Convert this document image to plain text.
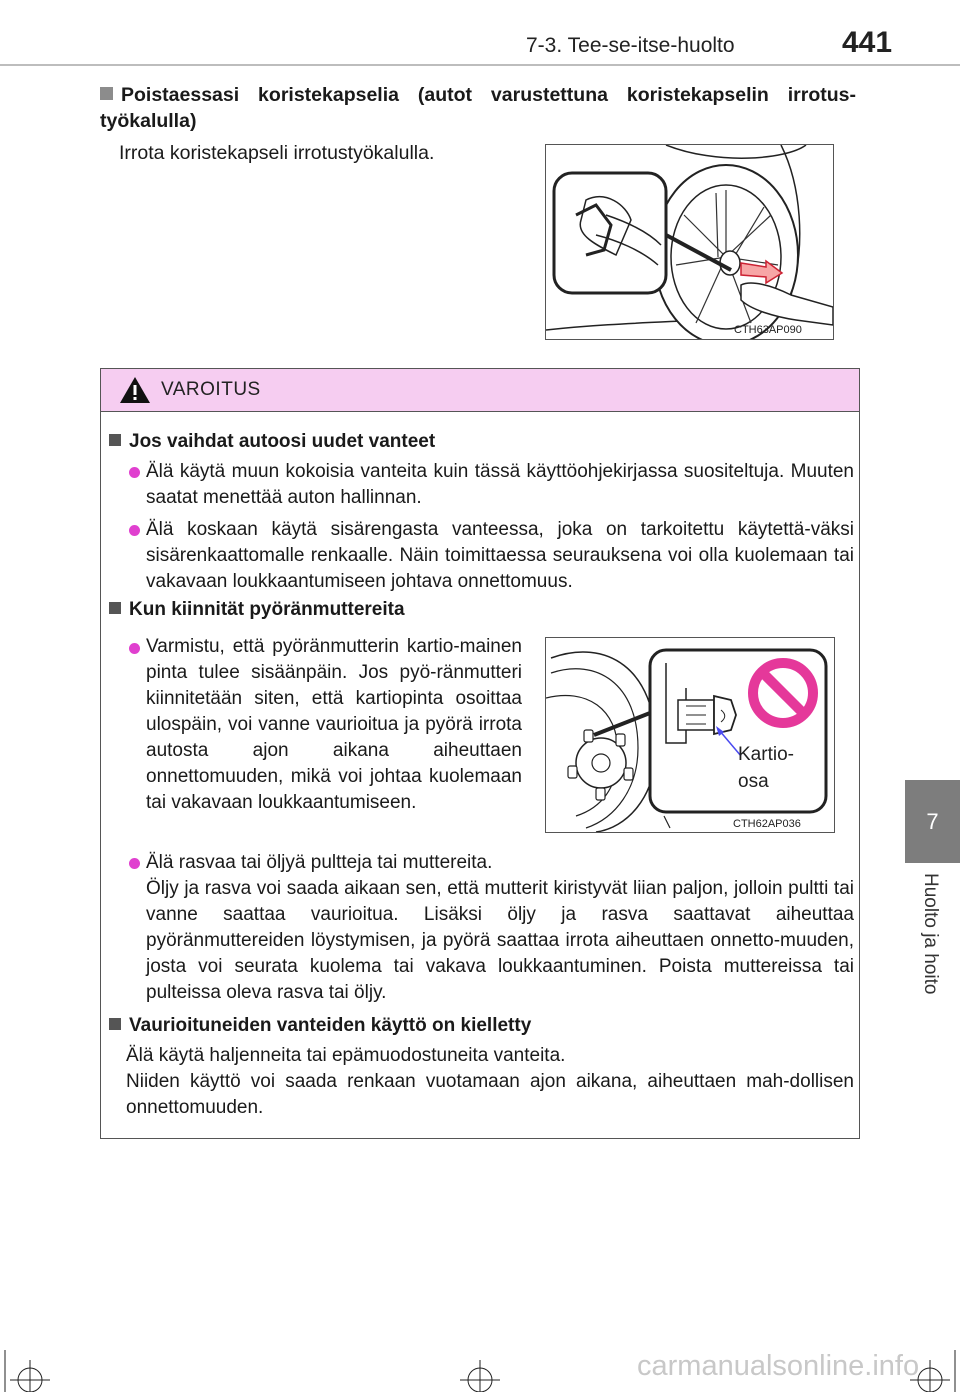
7-3. Tee-se-itse-huolto	441
7
Huolto ja hoito
Poistaessasi koristekapselia (autot varustettuna koristekapselin irrotus-työkalulla)
Irrota koristekapseli irrotustyökalulla.
CTH63AP090
VAROITUS
Jos vaihdat autoosi uudet vanteet
Älä käytä muun kokoisia vanteita kuin tässä käyttöohjekirjassa suositeltuja. Muuten saatat menettää auton hallinnan.
Älä koskaan käytä sisärengasta vanteessa, joka on tarkoitettu käytettä-väksi sisärenkaattomalle renkaalle. Näin toimittaessa seurauksena voi olla kuolemaan tai vakavaan loukkaantumiseen johtava onnettomuus.
Kun kiinnität pyöränmuttereita
Varmistu, että pyöränmutterin kartio-mainen pinta tulee sisäänpäin. Jos pyö-ränmutteri kiinnitetään siten, että kartiopinta osoittaa ulospäin, voi vanne vaurioitua ja pyörä irrota autosta ajon aikana aiheuttaen onnettomuuden, mikä voi johtaa kuolemaan tai vakavaan loukkaantumiseen.
Kartio-
osa
CTH62AP036
Älä rasvaa tai öljyä pultteja tai muttereita.
Öljy ja rasva voi saada aikaan sen, että mutterit kiristyvät liian paljon, jolloin pultti tai vanne saattaa vaurioitua. Lisäksi öljy ja rasva saattavat aiheuttaa pyöränmuttereiden löystymisen, ja pyörä saattaa irrota aiheuttaen onnetto-muuden, josta voi seurata kuolema tai vakava loukkaantuminen. Poista muttereissa tai pulteissa oleva rasva tai öljy.
Vaurioituneiden vanteiden käyttö on kielletty
Älä käytä haljenneita tai epämuodostuneita vanteita.
Niiden käyttö voi saada renkaan vuotamaan ajon aikana, aiheuttaen mah-dollisen onnettomuuden.
carmanualsonline.info
